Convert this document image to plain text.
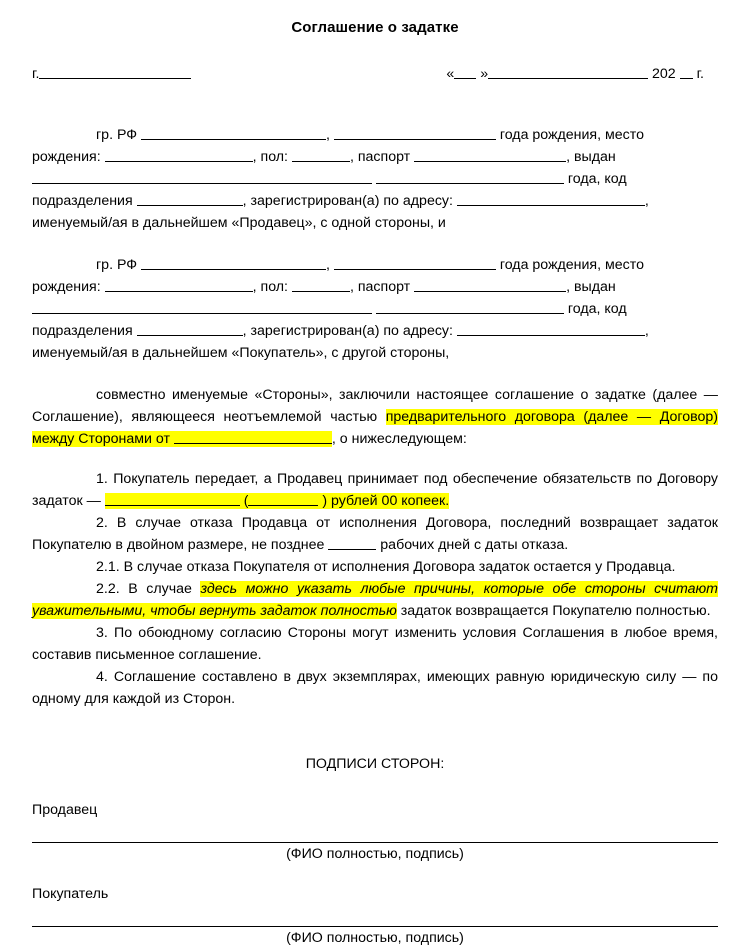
Соглашение о задатке
г.	« »	202 г.

гр. РФ	,	года рождения, место

рождения:	, пол:	, паспорт	, выдан

года, код

подразделения	, зарегистрирован(а) по адресу:	,

именуемый/ая в дальнейшем «Продавец», с одной стороны, и

гр. РФ	,	года рождения, место

рождения:	, пол:	, паспорт	, выдан

года, код

подразделения	, зарегистрирован(а) по адресу:	,

именуемый/ая в дальнейшем «Покупатель», с другой стороны,

совместно именуемые «Стороны», заключили настоящее соглашение о задатке (далее — Соглашение), являющееся неотъемлемой частью предварительного договора (далее — Договор) между Сторонами от	, о нижеследующем:

1. Покупатель передает, а Продавец принимает под обеспечение обязательств по Договору задаток —	(	) рублей 00 копеек.

2. В случае отказа Продавца от исполнения Договора, последний возвращает задаток Покупателю в двойном размере, не позднее	рабочих дней с даты отказа.

2.1. В случае отказа Покупателя от исполнения Договора задаток остается у Продавца.

2.2. В случае здесь можно указать любые причины, которые обе стороны считают уважительными, чтобы вернуть задаток полностью задаток возвращается Покупателю полностью.

3. По обоюдному согласию Стороны могут изменить условия Соглашения в любое время, составив письменное соглашение.

4. Соглашение составлено в двух экземплярах, имеющих равную юридическую силу — по одному для каждой из Сторон.

ПОДПИСИ СТОРОН:

Продавец

(ФИО полностью, подпись)

Покупатель

(ФИО полностью, подпись)
